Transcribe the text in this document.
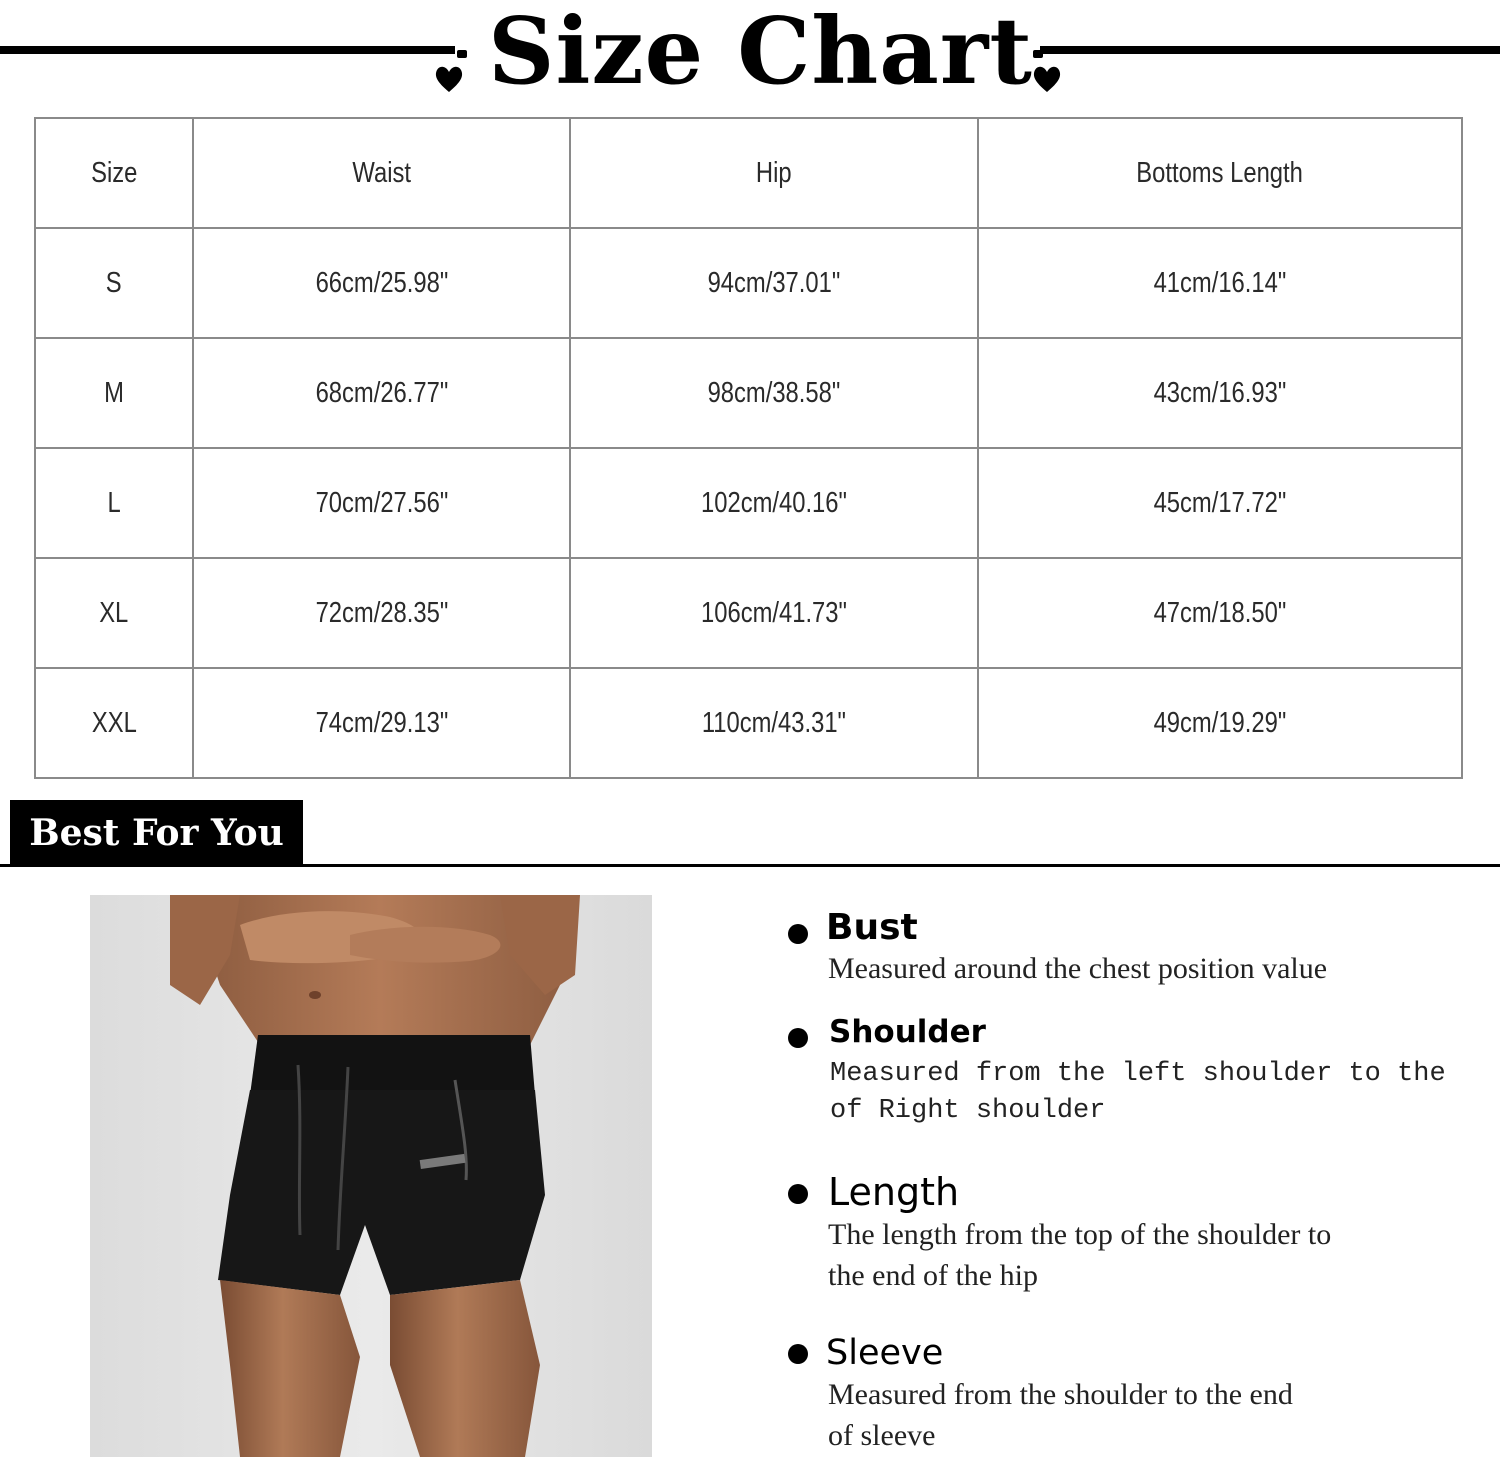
Size Chart
Size	Waist	Hip	Bottoms Length
S	66cm/25.98"	94cm/37.01"	41cm/16.14"
M	68cm/26.77"	98cm/38.58"	43cm/16.93"
L	70cm/27.56"	102cm/40.16"	45cm/17.72"
XL	72cm/28.35"	106cm/41.73"	47cm/18.50"
XXL	74cm/29.13"	110cm/43.31"	49cm/19.29"
Best For You
Bust
Measured around the chest position value
Shoulder
Measured from the left shoulder to the
of Right shoulder
Length
The length from the top of the shoulder to
the end of the hip
Sleeve
Measured from the shoulder to the end
of sleeve
